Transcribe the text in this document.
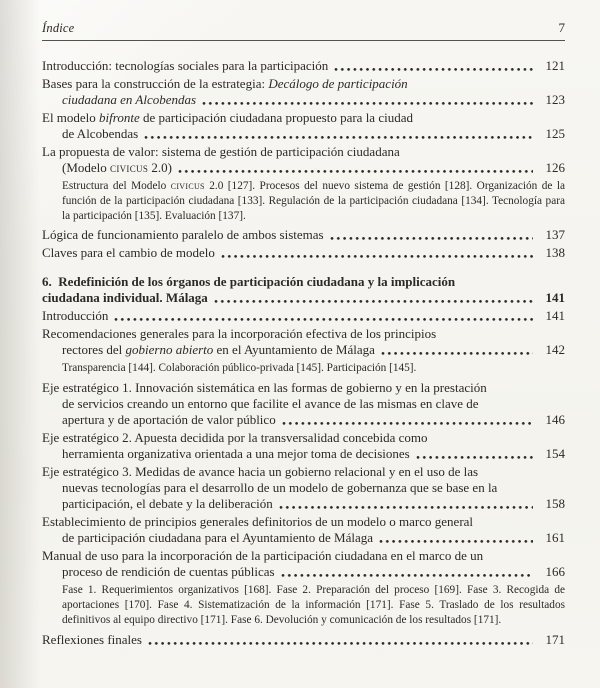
Índice	7
Introducción: tecnologías sociales para la participación	121
Bases para la construcción de la estrategia: Decálogo de participación
ciudadana en Alcobendas	123
El modelo bifronte de participación ciudadana propuesto para la ciudad
de Alcobendas	125
La propuesta de valor: sistema de gestión de participación ciudadana
(Modelo civicus 2.0)	126
Estructura del Modelo civicus 2.0 [127]. Procesos del nuevo sistema de gestión [128]. Organización de la función de la participación ciudadana [133]. Regulación de la participación ciudadana [134]. Tecnología para la participación [135]. Evaluación [137].
Lógica de funcionamiento paralelo de ambos sistemas	137
Claves para el cambio de modelo	138
6. Redefinición de los órganos de participación ciudadana y la implicación
ciudadana individual. Málaga	141
Introducción	141
Recomendaciones generales para la incorporación efectiva de los principios
rectores del gobierno abierto en el Ayuntamiento de Málaga	142
Transparencia [144]. Colaboración público-privada [145]. Participación [145].
Eje estratégico 1. Innovación sistemática en las formas de gobierno y en la prestación
de servicios creando un entorno que facilite el avance de las mismas en clave de
apertura y de aportación de valor público	146
Eje estratégico 2. Apuesta decidida por la transversalidad concebida como
herramienta organizativa orientada a una mejor toma de decisiones	154
Eje estratégico 3. Medidas de avance hacia un gobierno relacional y en el uso de las
nuevas tecnologías para el desarrollo de un modelo de gobernanza que se base en la
participación, el debate y la deliberación	158
Establecimiento de principios generales definitorios de un modelo o marco general
de participación ciudadana para el Ayuntamiento de Málaga	161
Manual de uso para la incorporación de la participación ciudadana en el marco de un
proceso de rendición de cuentas públicas	166
Fase 1. Requerimientos organizativos [168]. Fase 2. Preparación del proceso [169]. Fase 3. Recogida de aportaciones [170]. Fase 4. Sistematización de la información [171]. Fase 5. Traslado de los resultados definitivos al equipo directivo [171]. Fase 6. Devolución y comunicación de los resultados [171].
Reflexiones finales	171
